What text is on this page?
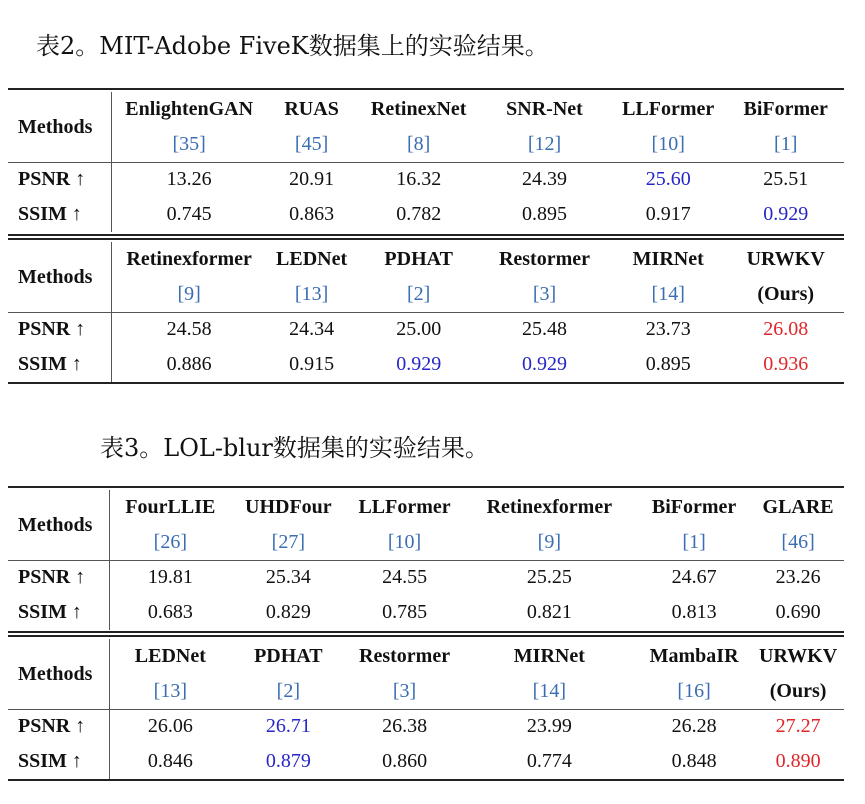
表2。MIT-Adobe FiveK数据集上的实验结果。
表3。LOL-blur数据集的实验结果。
Methods	EnlightenGAN	RUAS	RetinexNet	SNR-Net	LLFormer	BiFormer
	[35]	[45]	[8]	[12]	[10]	[1]
PSNR ↑	13.26	20.91	16.32	24.39	25.60	25.51
SSIM ↑	0.745	0.863	0.782	0.895	0.917	0.929
Methods	Retinexformer	LEDNet	PDHAT	Restormer	MIRNet	URWKV
	[9]	[13]	[2]	[3]	[14]	(Ours)
PSNR ↑	24.58	24.34	25.00	25.48	23.73	26.08
SSIM ↑	0.886	0.915	0.929	0.929	0.895	0.936
Methods	FourLLIE	UHDFour	LLFormer	Retinexformer	BiFormer	GLARE
	[26]	[27]	[10]	[9]	[1]	[46]
PSNR ↑	19.81	25.34	24.55	25.25	24.67	23.26
SSIM ↑	0.683	0.829	0.785	0.821	0.813	0.690
Methods	LEDNet	PDHAT	Restormer	MIRNet	MambaIR	URWKV
	[13]	[2]	[3]	[14]	[16]	(Ours)
PSNR ↑	26.06	26.71	26.38	23.99	26.28	27.27
SSIM ↑	0.846	0.879	0.860	0.774	0.848	0.890
